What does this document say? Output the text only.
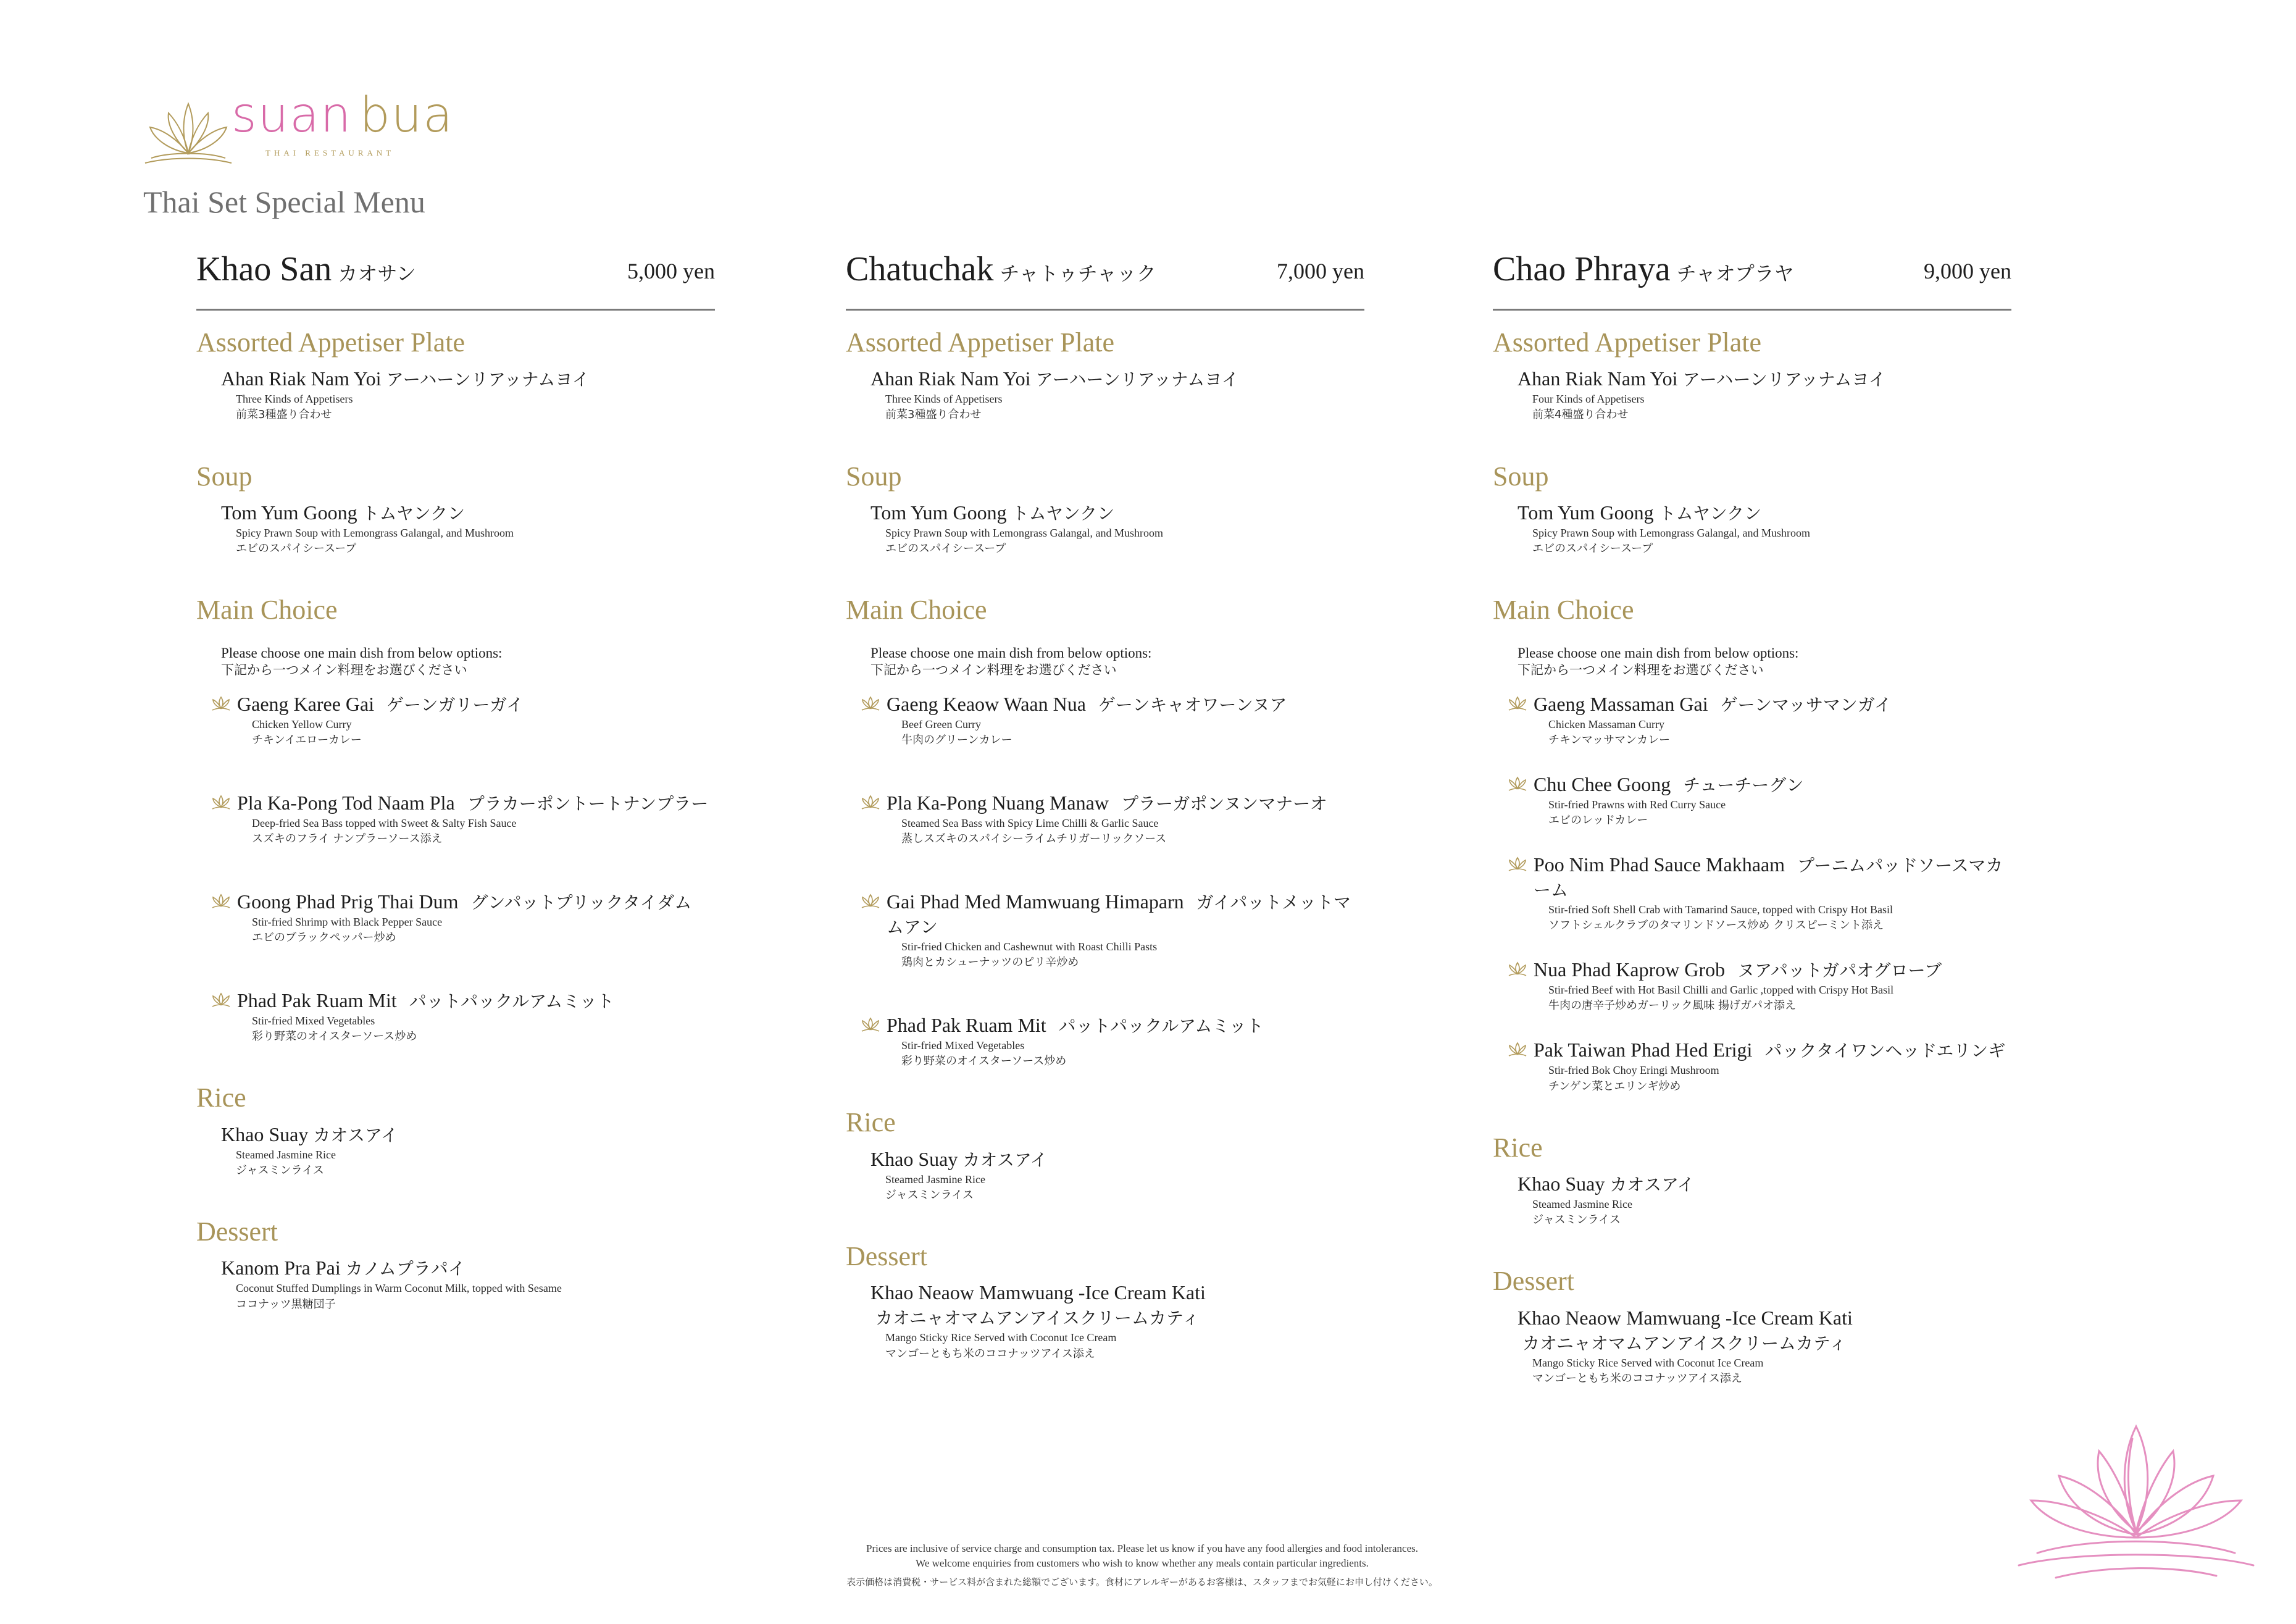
suan bua
THAI RESTAURANT
Thai Set Special Menu
Khao San カオサン	5,000 yen
Assorted Appetiser Plate
Ahan Riak Nam Yoi アーハーンリアッナムヨイ
Three Kinds of Appetisers
前菜3種盛り合わせ
Soup
Tom Yum Goong トムヤンクン
Spicy Prawn Soup with Lemongrass Galangal, and Mushroom
エビのスパイシースープ
Main Choice
Please choose one main dish from below options:
下記から一つメイン料理をお選びください
Gaeng Karee Gai ゲーンガリーガイ
Chicken Yellow Curry
チキンイエローカレー
Pla Ka-Pong Tod Naam Pla プラカーポントートナンプラー
Deep-fried Sea Bass topped with Sweet & Salty Fish Sauce
スズキのフライ ナンプラーソース添え
Goong Phad Prig Thai Dum グンパットプリックタイダム
Stir-fried Shrimp with Black Pepper Sauce
エビのブラックペッパー炒め
Phad Pak Ruam Mit パットパックルアムミット
Stir-fried Mixed Vegetables
彩り野菜のオイスターソース炒め
Rice
Khao Suay カオスアイ
Steamed Jasmine Rice
ジャスミンライス
Dessert
Kanom Pra Pai カノムプラパイ
Coconut Stuffed Dumplings in Warm Coconut Milk, topped with Sesame
ココナッツ黒糖団子
Chatuchak チャトゥチャック	7,000 yen
Assorted Appetiser Plate
Ahan Riak Nam Yoi アーハーンリアッナムヨイ
Three Kinds of Appetisers
前菜3種盛り合わせ
Soup
Tom Yum Goong トムヤンクン
Spicy Prawn Soup with Lemongrass Galangal, and Mushroom
エビのスパイシースープ
Main Choice
Please choose one main dish from below options:
下記から一つメイン料理をお選びください
Gaeng Keaow Waan Nua ゲーンキャオワーンヌア
Beef Green Curry
牛肉のグリーンカレー
Pla Ka-Pong Nuang Manaw プラーガポンヌンマナーオ
Steamed Sea Bass with Spicy Lime Chilli & Garlic Sauce
蒸しスズキのスパイシーライムチリガーリックソース
Gai Phad Med Mamwuang Himaparn ガイパットメットマムアン
Stir-fried Chicken and Cashewnut with Roast Chilli Pasts
鶏肉とカシューナッツのピリ辛炒め
Phad Pak Ruam Mit パットパックルアムミット
Stir-fried Mixed Vegetables
彩り野菜のオイスターソース炒め
Rice
Khao Suay カオスアイ
Steamed Jasmine Rice
ジャスミンライス
Dessert
Khao Neaow Mamwuang -Ice Cream Kati
カオニャオマムアンアイスクリームカティ
Mango Sticky Rice Served with Coconut Ice Cream
マンゴーともち米のココナッツアイス添え
Chao Phraya チャオプラヤ	9,000 yen
Assorted Appetiser Plate
Ahan Riak Nam Yoi アーハーンリアッナムヨイ
Four Kinds of Appetisers
前菜4種盛り合わせ
Soup
Tom Yum Goong トムヤンクン
Spicy Prawn Soup with Lemongrass Galangal, and Mushroom
エビのスパイシースープ
Main Choice
Please choose one main dish from below options:
下記から一つメイン料理をお選びください
Gaeng Massaman Gai ゲーンマッサマンガイ
Chicken Massaman Curry
チキンマッサマンカレー
Chu Chee Goong チューチーグン
Stir-fried Prawns with Red Curry Sauce
エビのレッドカレー
Poo Nim Phad Sauce Makhaam プーニムパッドソースマカーム
Stir-fried Soft Shell Crab with Tamarind Sauce, topped with Crispy Hot Basil
ソフトシェルクラブのタマリンドソース炒め クリスピーミント添え
Nua Phad Kaprow Grob ヌアパットガパオグローブ
Stir-fried Beef with Hot Basil Chilli and Garlic ,topped with Crispy Hot Basil
牛肉の唐辛子炒めガーリック風味 揚げガパオ添え
Pak Taiwan Phad Hed Erigi パックタイワンヘッドエリンギ
Stir-fried Bok Choy Eringi Mushroom
チンゲン菜とエリンギ炒め
Rice
Khao Suay カオスアイ
Steamed Jasmine Rice
ジャスミンライス
Dessert
Khao Neaow Mamwuang -Ice Cream Kati
カオニャオマムアンアイスクリームカティ
Mango Sticky Rice Served with Coconut Ice Cream
マンゴーともち米のココナッツアイス添え
Prices are inclusive of service charge and consumption tax. Please let us know if you have any food allergies and food intolerances.
We welcome enquiries from customers who wish to know whether any meals contain particular ingredients.
表示価格は消費税・サービス料が含まれた総額でございます。食材にアレルギーがあるお客様は、スタッフまでお気軽にお申し付けください。
